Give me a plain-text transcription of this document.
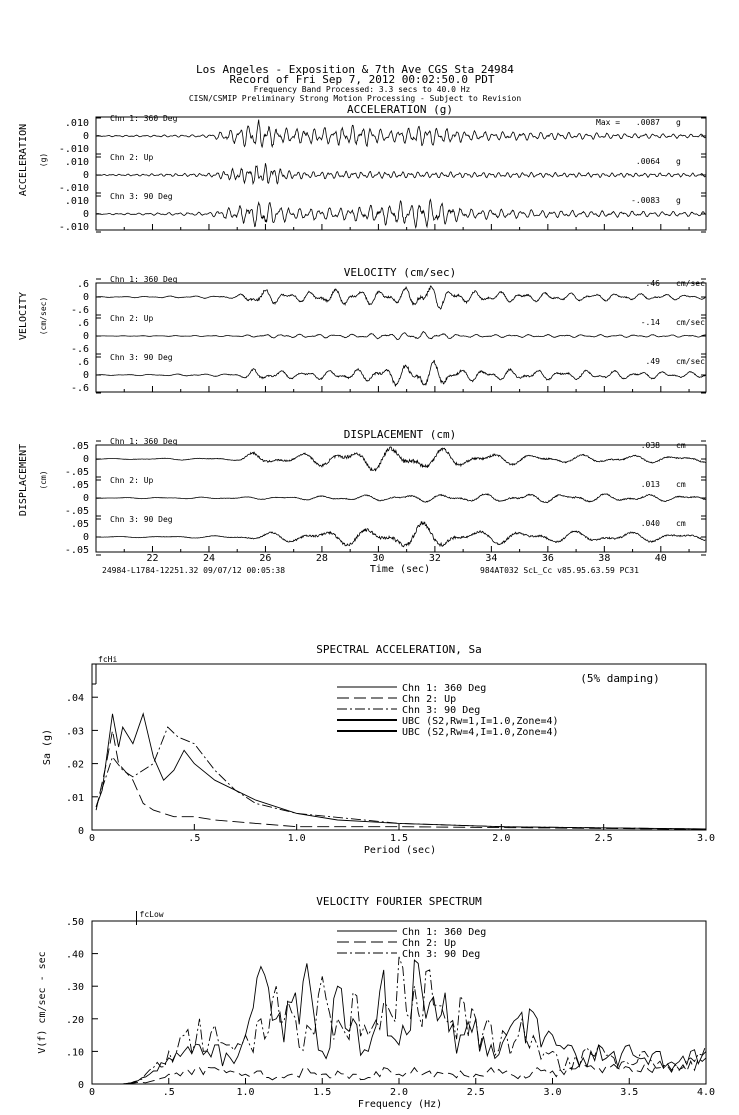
Los Angeles - Exposition & 7th Ave CGS Sta 24984
Record of Fri Sep 7, 2012 00:02:50.0 PDT
Frequency Band Processed: 3.3 secs to 40.0 Hz
CISN/CSMIP Preliminary Strong Motion Processing - Subject to Revision
ACCELERATION (g)
ACCELERATION (g)
.010
0
-.010
Chn 1: 360 Deg	Max = .0087 g
.010
0
-.010
Chn 2: Up	.0064 g
.010
0
-.010
Chn 3: 90 Deg	-.0083 g
VELOCITY (cm/sec)
VELOCITY (cm/sec)
.6
0
-.6
Chn 1: 360 Deg	.46 cm/sec
.6
0
-.6
Chn 2: Up	-.14 cm/sec
.6
0
-.6
Chn 3: 90 Deg	.49 cm/sec
DISPLACEMENT (cm)
DISPLACEMENT (cm)
.05
0
-.05
Chn 1: 360 Deg	.038 cm
.05
0
-.05
Chn 2: Up	.013 cm
.05
0
-.05
Chn 3: 90 Deg	.040 cm
22	24	26	28	30	32	34	36	38	40
Time (sec)
24984-L1784-12251.32 09/07/12 00:05:38	984AT032 ScL_Cc v85.95.63.59 PC31
SPECTRAL ACCELERATION, Sa
0	.5	1.0	1.5	2.0	2.5	3.0
0
.01
.02
.03
.04
Period (sec)
Sa (g)
Chn 1: 360 Deg
Chn 2: Up
Chn 3: 90 Deg
UBC (S2,Rw=1,I=1.0,Zone=4)
UBC (S2,Rw=4,I=1.0,Zone=4)
(5% damping)
fcHi
VELOCITY FOURIER SPECTRUM
0	.5	1.0	1.5	2.0	2.5	3.0	3.5	4.0
0
.10
.20
.30
.40
.50
Frequency (Hz)
V(f) cm/sec - sec
Chn 1: 360 Deg
Chn 2: Up
Chn 3: 90 Deg
fcLow
